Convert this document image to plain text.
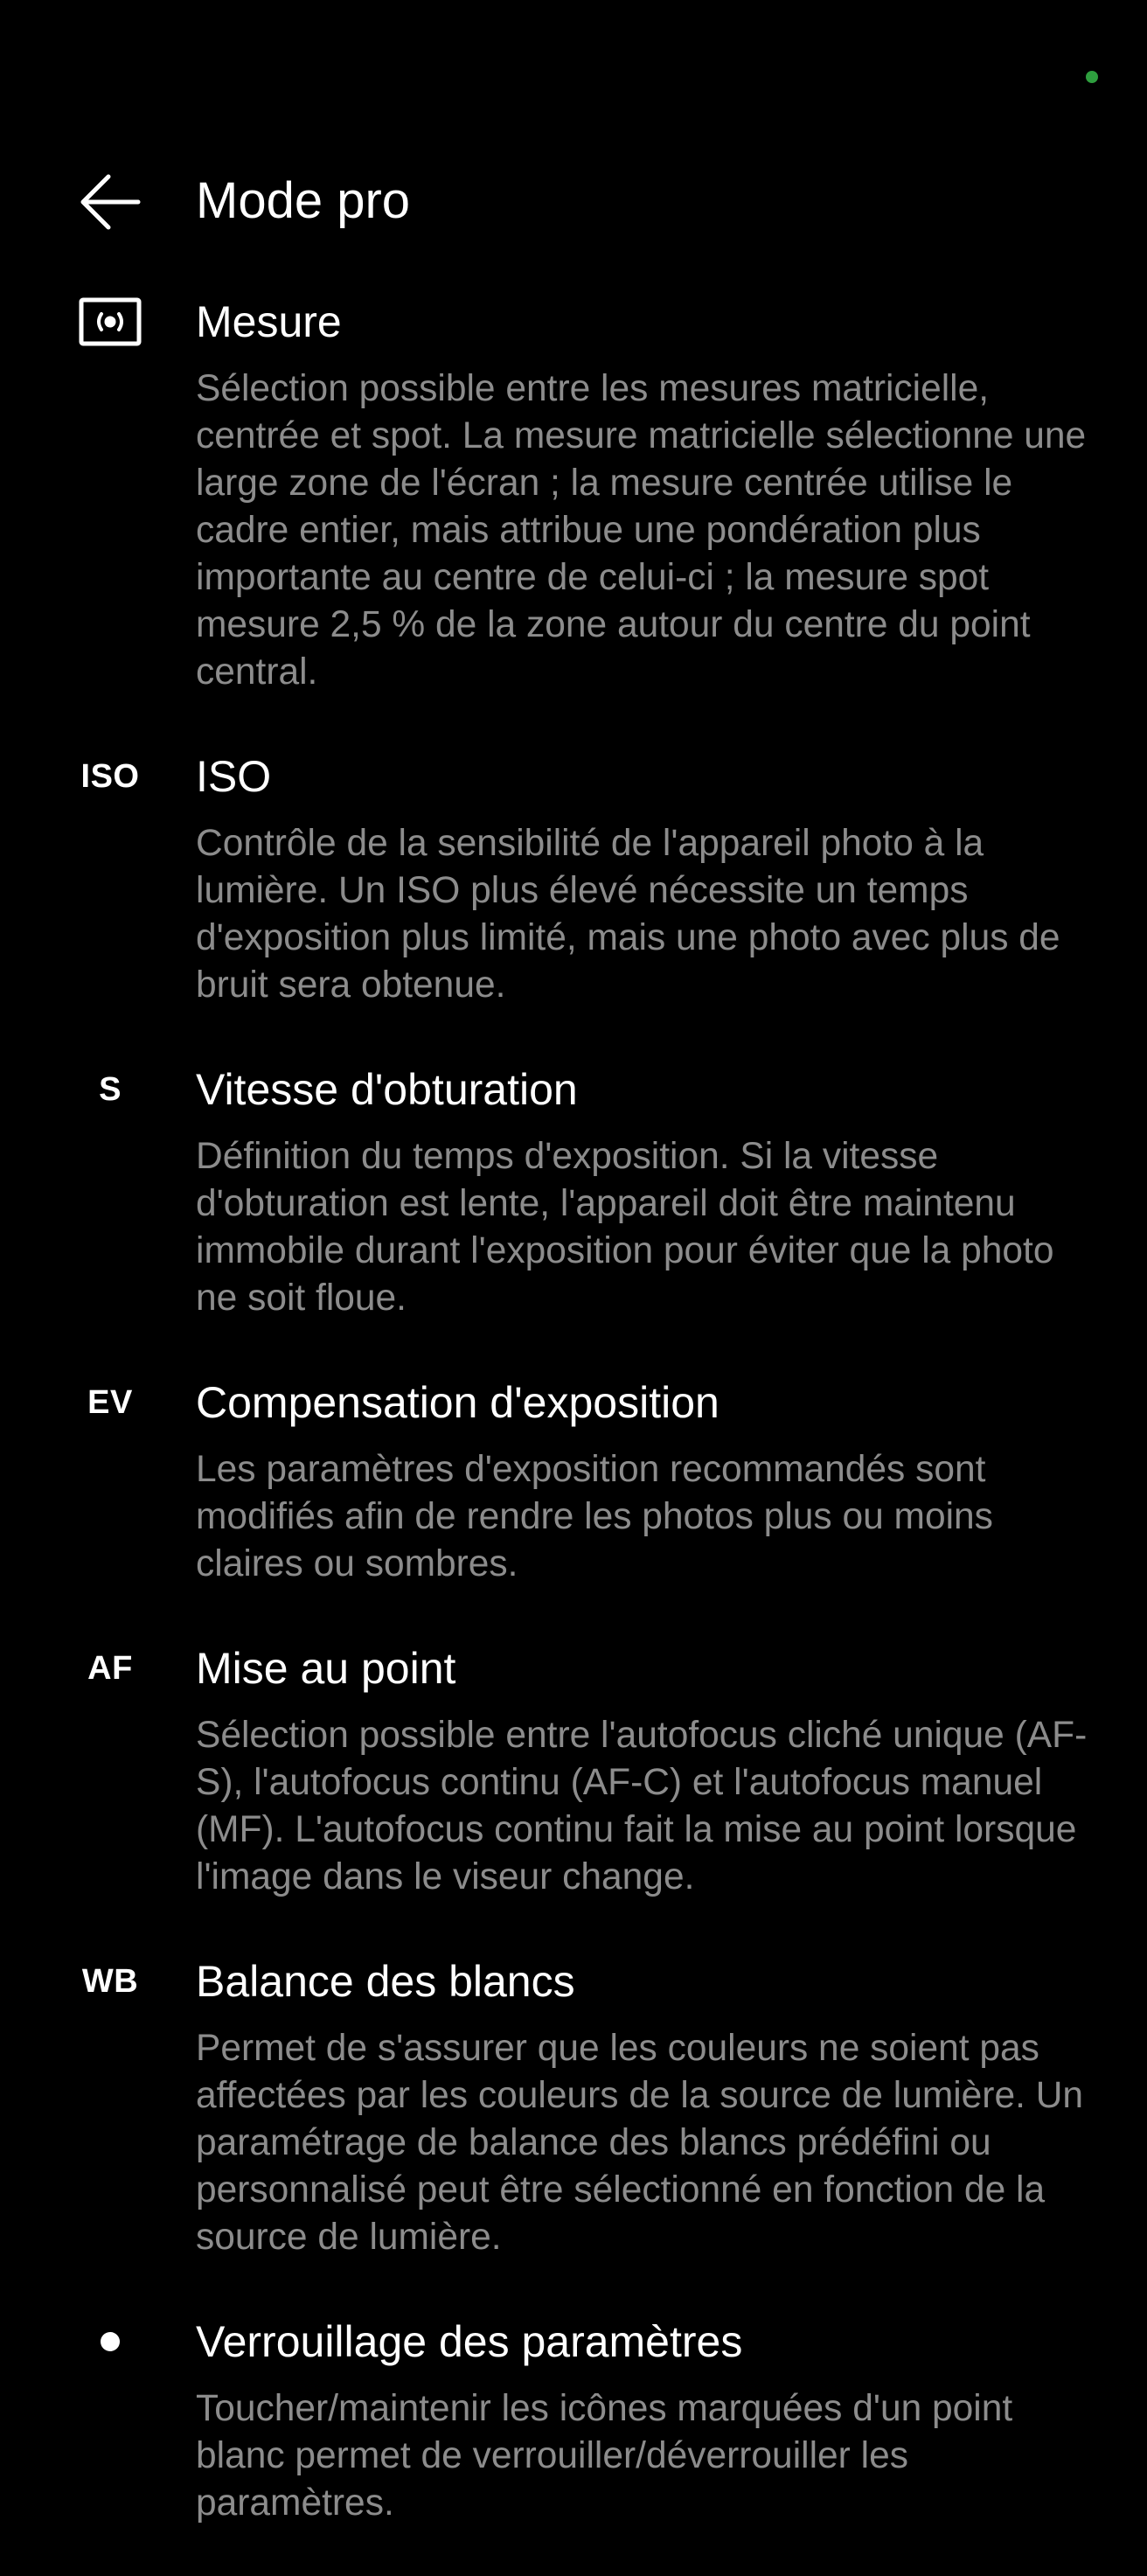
Mode pro
Mesure
Sélection possible entre les mesures matricielle, centrée et spot. La mesure matricielle sélectionne une large zone de l'écran ; la mesure centrée utilise le cadre entier, mais attribue une pondération plus importante au centre de celui-ci ; la mesure spot mesure 2,5 % de la zone autour du centre du point central.
ISO ISO
Contrôle de la sensibilité de l'appareil photo à la lumière. Un ISO plus élevé nécessite un temps d'exposition plus limité, mais une photo avec plus de bruit sera obtenue.
S Vitesse d'obturation
Définition du temps d'exposition. Si la vitesse d'obturation est lente, l'appareil doit être maintenu immobile durant l'exposition pour éviter que la photo ne soit floue.
EV Compensation d'exposition
Les paramètres d'exposition recommandés sont modifiés afin de rendre les photos plus ou moins claires ou sombres.
AF Mise au point
Sélection possible entre l'autofocus cliché unique (AF-S), l'autofocus continu (AF-C) et l'autofocus manuel (MF). L'autofocus continu fait la mise au point lorsque l'image dans le viseur change.
WB Balance des blancs
Permet de s'assurer que les couleurs ne soient pas affectées par les couleurs de la source de lumière. Un paramétrage de balance des blancs prédéfini ou personnalisé peut être sélectionné en fonction de la source de lumière.
Verrouillage des paramètres
Toucher/maintenir les icônes marquées d'un point blanc permet de verrouiller/déverrouiller les paramètres.
